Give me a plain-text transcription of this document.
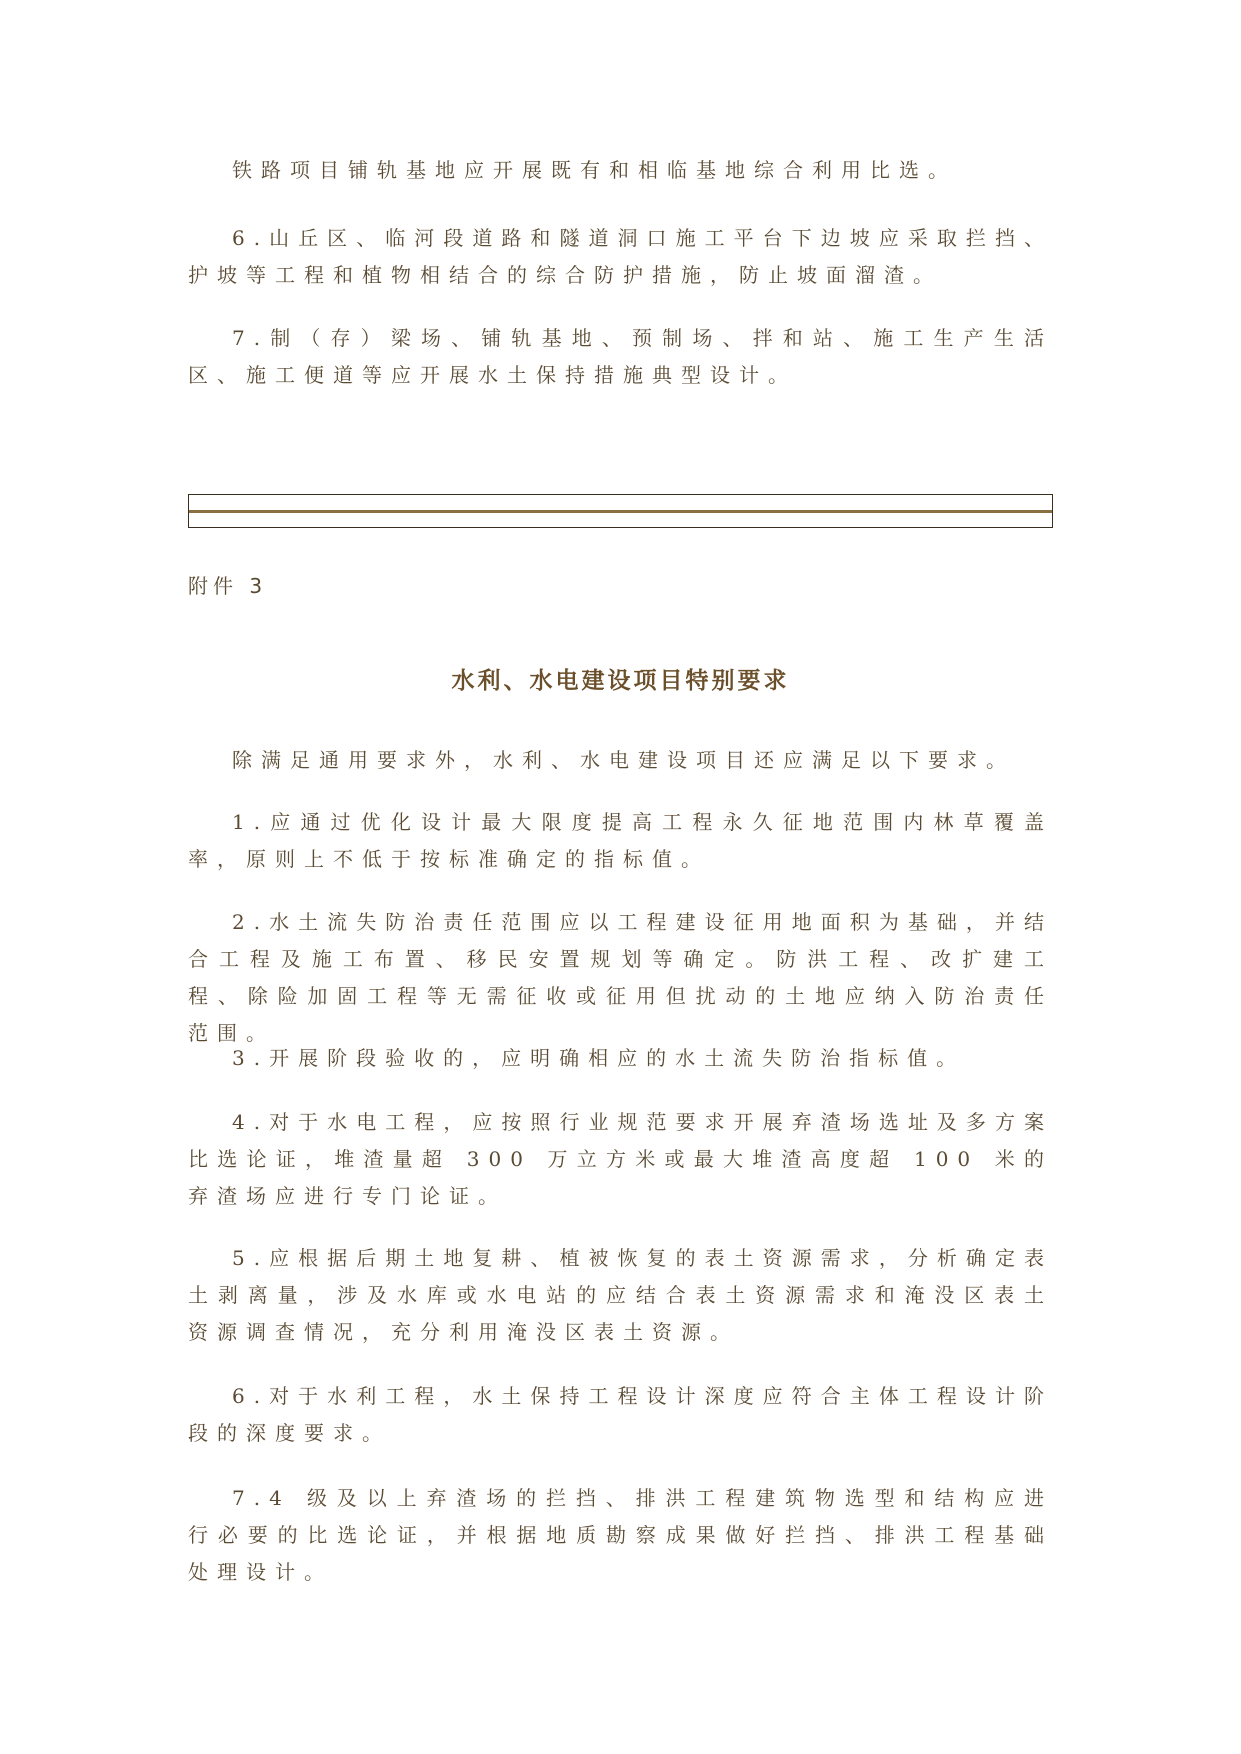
铁路项目铺轨基地应开展既有和相临基地综合利用比选。

6.山丘区、临河段道路和隧道洞口施工平台下边坡应采取拦挡、护坡等工程和植物相结合的综合防护措施，防止坡面溜渣。

7.制（存）梁场、铺轨基地、预制场、拌和站、施工生产生活区、施工便道等应开展水土保持措施典型设计。

附件 3

水利、水电建设项目特别要求

除满足通用要求外，水利、水电建设项目还应满足以下要求。

1.应通过优化设计最大限度提高工程永久征地范围内林草覆盖率，原则上不低于按标准确定的指标值。

2.水土流失防治责任范围应以工程建设征用地面积为基础，并结合工程及施工布置、移民安置规划等确定。防洪工程、改扩建工程、除险加固工程等无需征收或征用但扰动的土地应纳入防治责任范围。

3.开展阶段验收的，应明确相应的水土流失防治指标值。

4.对于水电工程，应按照行业规范要求开展弃渣场选址及多方案比选论证，堆渣量超 300 万立方米或最大堆渣高度超 100 米的弃渣场应进行专门论证。

5.应根据后期土地复耕、植被恢复的表土资源需求，分析确定表土剥离量，涉及水库或水电站的应结合表土资源需求和淹没区表土资源调查情况，充分利用淹没区表土资源。

6.对于水利工程，水土保持工程设计深度应符合主体工程设计阶段的深度要求。

7.4 级及以上弃渣场的拦挡、排洪工程建筑物选型和结构应进行必要的比选论证，并根据地质勘察成果做好拦挡、排洪工程基础处理设计。
